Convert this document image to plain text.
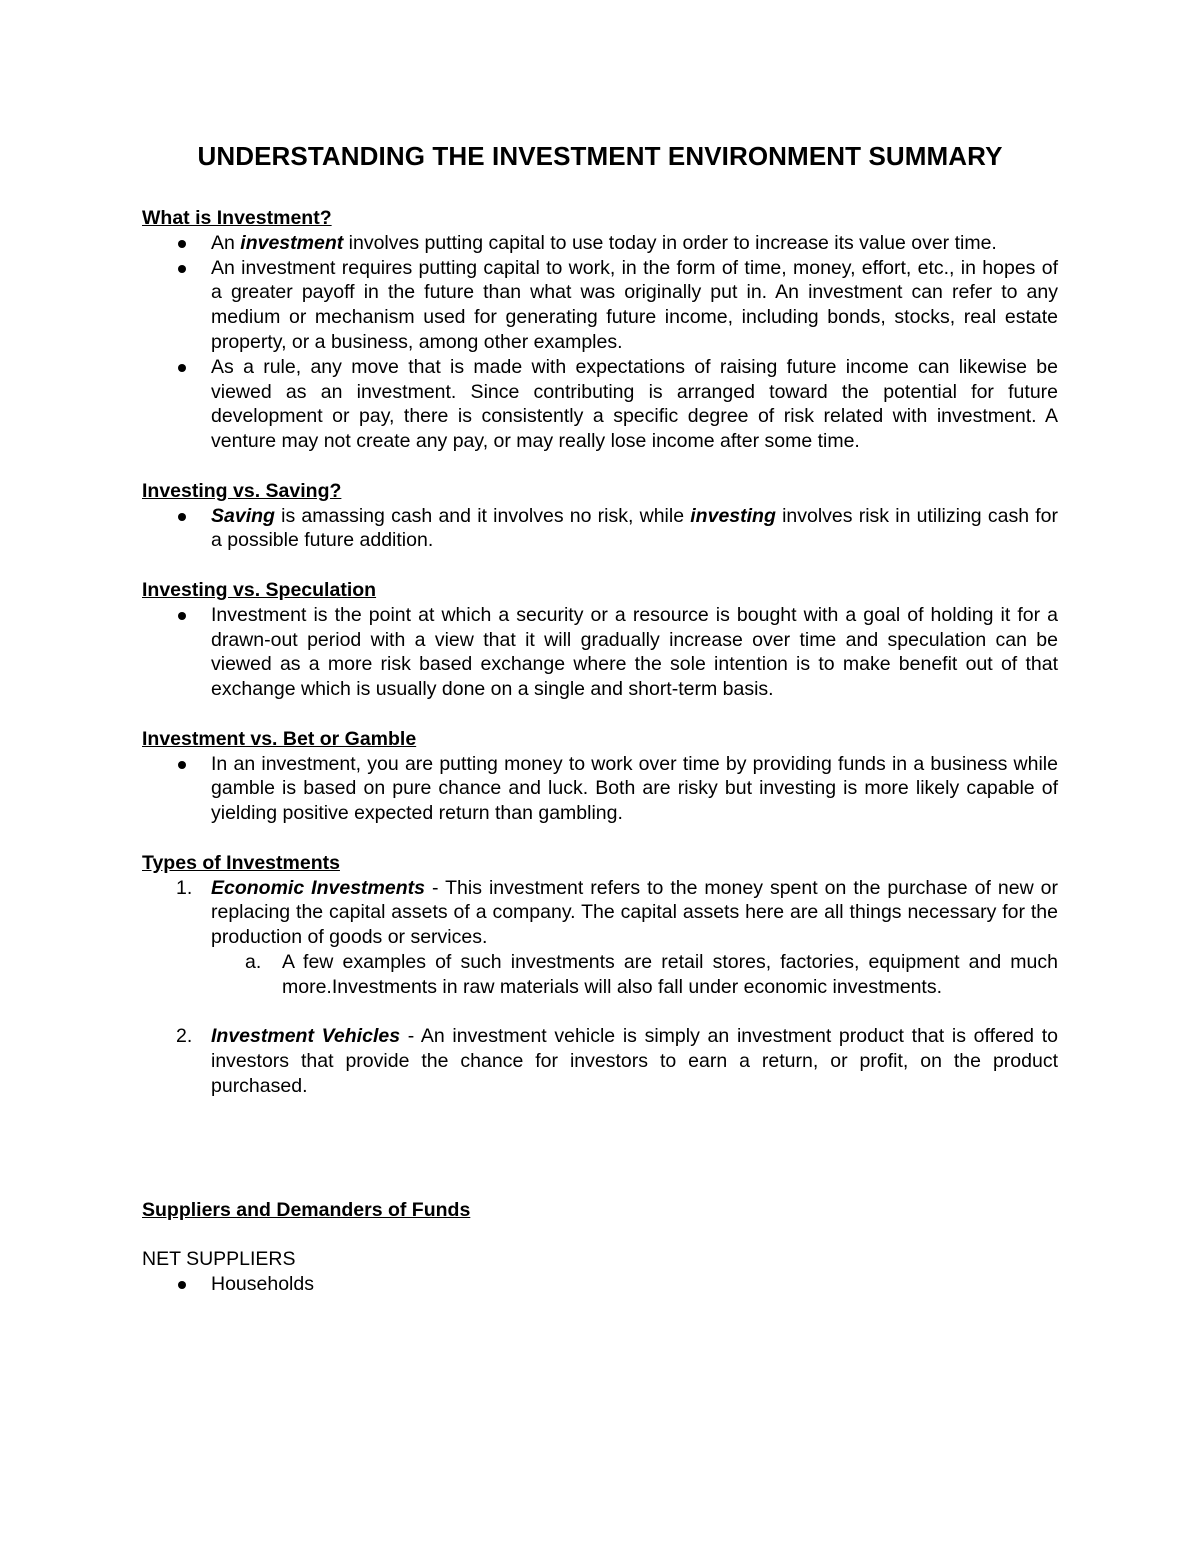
UNDERSTANDING THE INVESTMENT ENVIRONMENT SUMMARY
What is Investment?
An investment involves putting capital to use today in order to increase its value over time.
An investment requires putting capital to work, in the form of time, money, effort, etc., in hopes of a greater payoff in the future than what was originally put in. An investment can refer to any medium or mechanism used for generating future income, including bonds, stocks, real estate property, or a business, among other examples.
As a rule, any move that is made with expectations of raising future income can likewise be viewed as an investment. Since contributing is arranged toward the potential for future development or pay, there is consistently a specific degree of risk related with investment. A venture may not create any pay, or may really lose income after some time.
Investing vs. Saving?
Saving is amassing cash and it involves no risk, while investing involves risk in utilizing cash for a possible future addition.
Investing vs. Speculation
Investment is the point at which a security or a resource is bought with a goal of holding it for a drawn-out period with a view that it will gradually increase over time and speculation can be viewed as a more risk based exchange where the sole intention is to make benefit out of that exchange which is usually done on a single and short-term basis.
Investment vs. Bet or Gamble
In an investment, you are putting money to work over time by providing funds in a business while gamble is based on pure chance and luck. Both are risky but investing is more likely capable of yielding positive expected return than gambling.
Types of Investments
1. Economic Investments - This investment refers to the money spent on the purchase of new or replacing the capital assets of a company. The capital assets here are all things necessary for the production of goods or services.
a. A few examples of such investments are retail stores, factories, equipment and much more.Investments in raw materials will also fall under economic investments.
2. Investment Vehicles - An investment vehicle is simply an investment product that is offered to investors that provide the chance for investors to earn a return, or profit, on the product purchased.
Suppliers and Demanders of Funds
NET SUPPLIERS
Households
